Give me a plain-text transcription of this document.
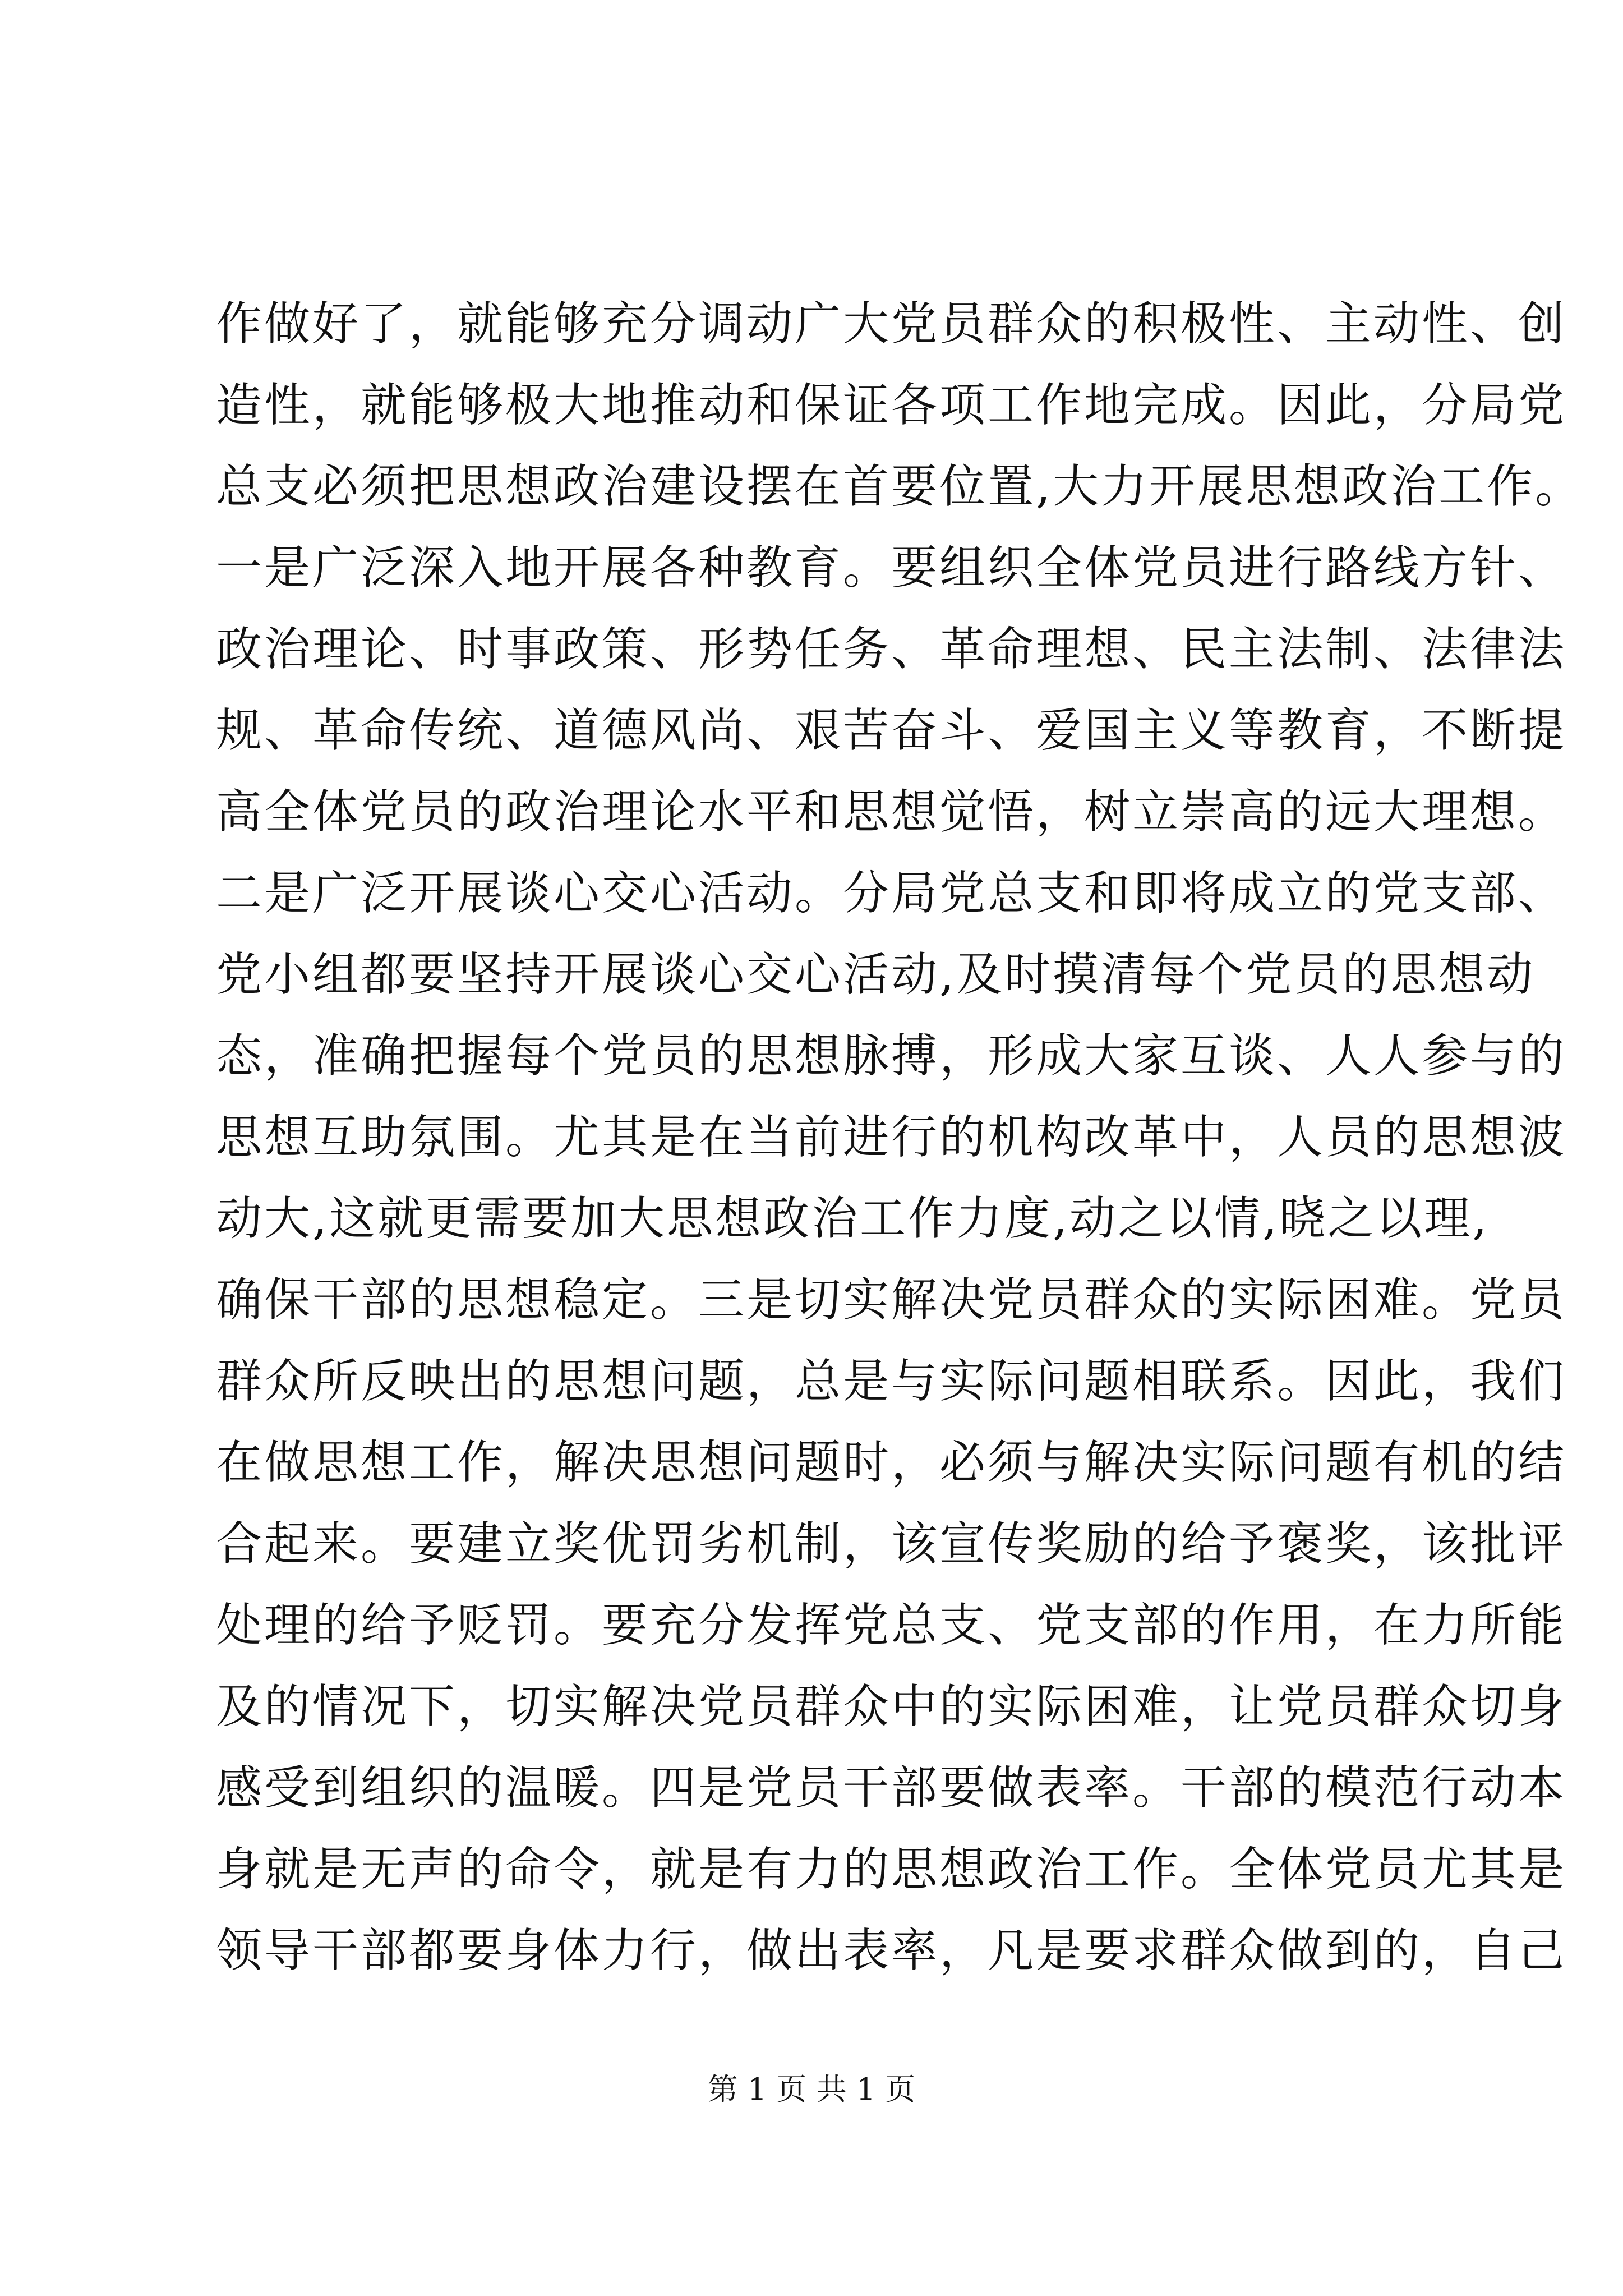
作做好了，就能够充分调动广大党员群众的积极性、主动性、创

造性，就能够极大地推动和保证各项工作地完成。因此，分局党

总支必须把思想政治建设摆在首要位置,大力开展思想政治工作。

一是广泛深入地开展各种教育。要组织全体党员进行路线方针、

政治理论、时事政策、形势任务、革命理想、民主法制、法律法

规、革命传统、道德风尚、艰苦奋斗、爱国主义等教育，不断提

高全体党员的政治理论水平和思想觉悟，树立崇高的远大理想。

二是广泛开展谈心交心活动。分局党总支和即将成立的党支部、

党小组都要坚持开展谈心交心活动,及时摸清每个党员的思想动

态，准确把握每个党员的思想脉搏，形成大家互谈、人人参与的

思想互助氛围。尤其是在当前进行的机构改革中，人员的思想波

动大,这就更需要加大思想政治工作力度,动之以情,晓之以理,

确保干部的思想稳定。三是切实解决党员群众的实际困难。党员

群众所反映出的思想问题，总是与实际问题相联系。因此，我们

在做思想工作，解决思想问题时，必须与解决实际问题有机的结

合起来。要建立奖优罚劣机制，该宣传奖励的给予褒奖，该批评

处理的给予贬罚。要充分发挥党总支、党支部的作用，在力所能

及的情况下，切实解决党员群众中的实际困难，让党员群众切身

感受到组织的温暖。四是党员干部要做表率。干部的模范行动本

身就是无声的命令，就是有力的思想政治工作。全体党员尤其是

领导干部都要身体力行，做出表率，凡是要求群众做到的，自己

第 1 页 共 1 页
